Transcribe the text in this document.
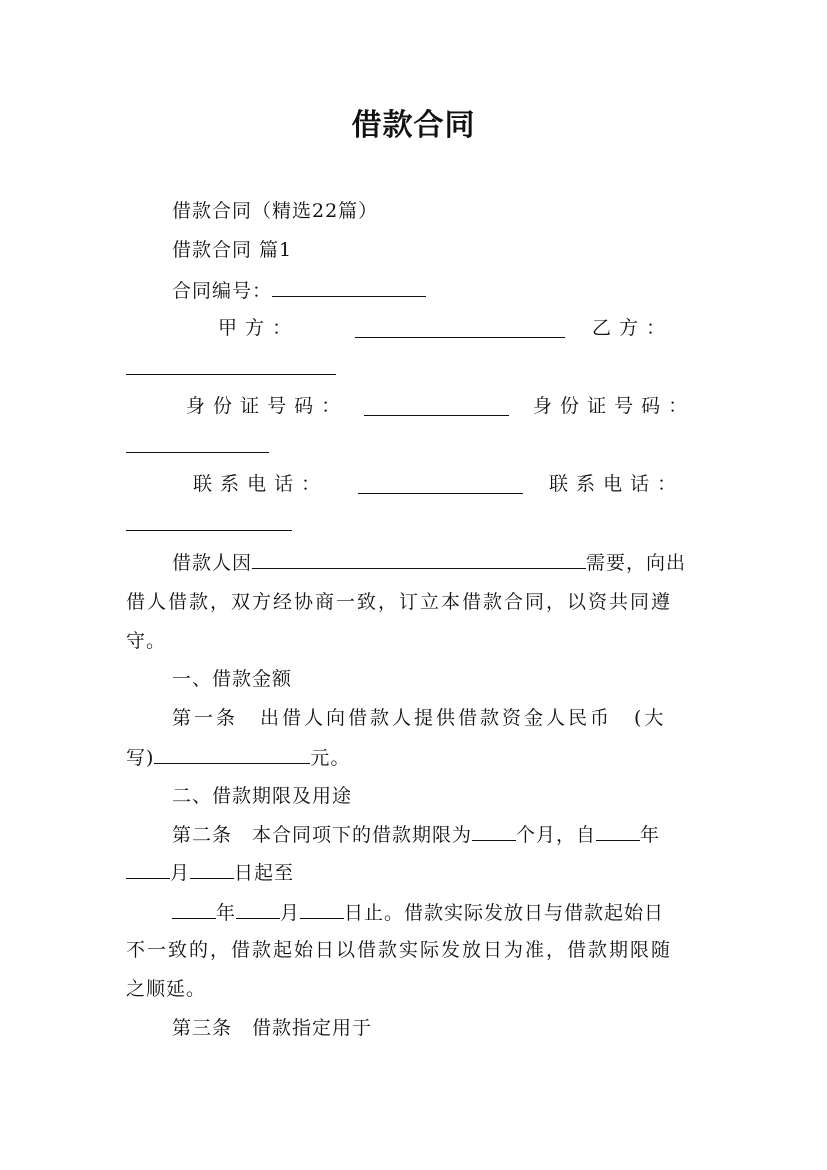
借款合同
借款合同（精选22篇）
借款合同 篇1
合同编号：
甲 方 ：	乙 方 ：
身 份 证 号 码 ：	身 份 证 号 码 ：
联 系 电 话 ：	联 系 电 话 ：
借款人因	需要，向出
借人借款，双方经协商一致，订立本借款合同，以资共同遵
守。
一、借款金额
第一条　出借人向借款人提供借款资金人民币　(大
写)	元。
二、借款期限及用途
第二条　本合同项下的借款期限为 个月，自 年
月 日起至
年 月 日止。借款实际发放日与借款起始日
不一致的，借款起始日以借款实际发放日为准，借款期限随
之顺延。
第三条　借款指定用于
